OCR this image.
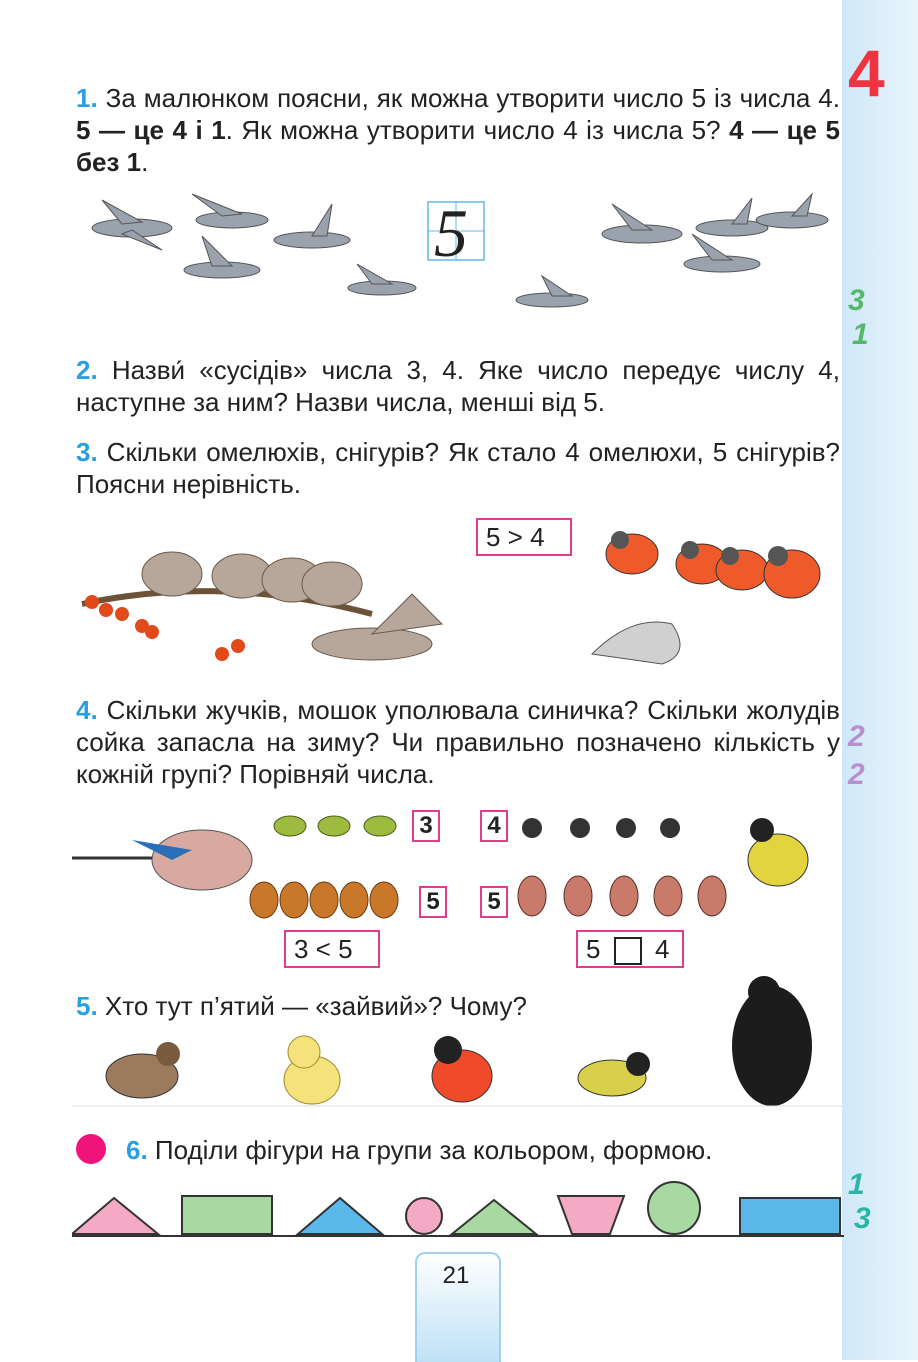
4
3
1
2
2
1
3
1. За малюнком поясни, як можна утворити число 5 із числа 4. 5 — це 4 і 1. Як можна утворити число 4 із числа 5? 4 — це 5 без 1.
5
2. Назви́ «сусідів» числа 3, 4. Яке число передує числу 4, наступне за ним? Назви числа, менші від 5.
3. Скільки омелюхів, снігурів? Як стало 4 омелюхи, 5 снігурів? Поясни нерівність.
5 > 4
4. Скільки жучків, мошок уполювала синичка? Скільки жолудів сойка запасла на зиму? Чи правильно позначено кількість у кожній групі? Порівняй числа.
3
5
4
5
3 < 5	5 4
5. Хто тут п’ятий — «зайвий»? Чому?
6. Поділи фігури на групи за кольором, формою.
21
